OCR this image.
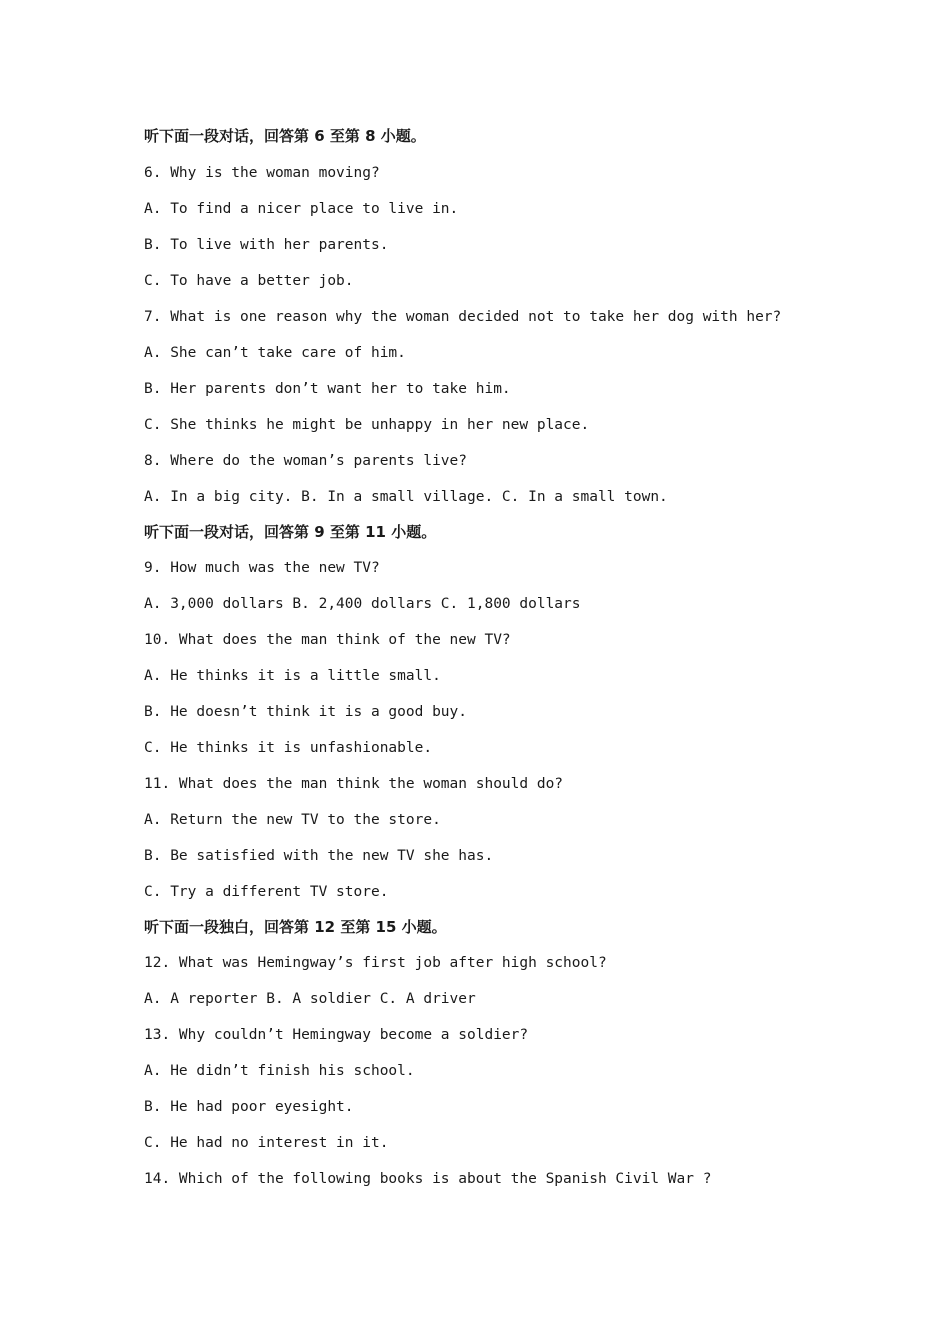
听下面一段对话，回答第 6 至第 8 小题。
6. Why is the woman moving?
A. To find a nicer place to live in.
B. To live with her parents.
C. To have a better job.
7. What is one reason why the woman decided not to take her dog with her?
A. She can’t take care of him.
B. Her parents don’t want her to take him.
C. She thinks he might be unhappy in her new place.
8. Where do the woman’s parents live?
A. In a big city. B. In a small village. C. In a small town.
听下面一段对话，回答第 9 至第 11 小题。
9. How much was the new TV?
A. 3,000 dollars B. 2,400 dollars C. 1,800 dollars
10. What does the man think of the new TV?
A. He thinks it is a little small.
B. He doesn’t think it is a good buy.
C. He thinks it is unfashionable.
11. What does the man think the woman should do?
A. Return the new TV to the store.
B. Be satisfied with the new TV she has.
C. Try a different TV store.
听下面一段独白，回答第 12 至第 15 小题。
12. What was Hemingway’s first job after high school?
A. A reporter B. A soldier C. A driver
13. Why couldn’t Hemingway become a soldier?
A. He didn’t finish his school.
B. He had poor eyesight.
C. He had no interest in it.
14. Which of the following books is about the Spanish Civil War ?
